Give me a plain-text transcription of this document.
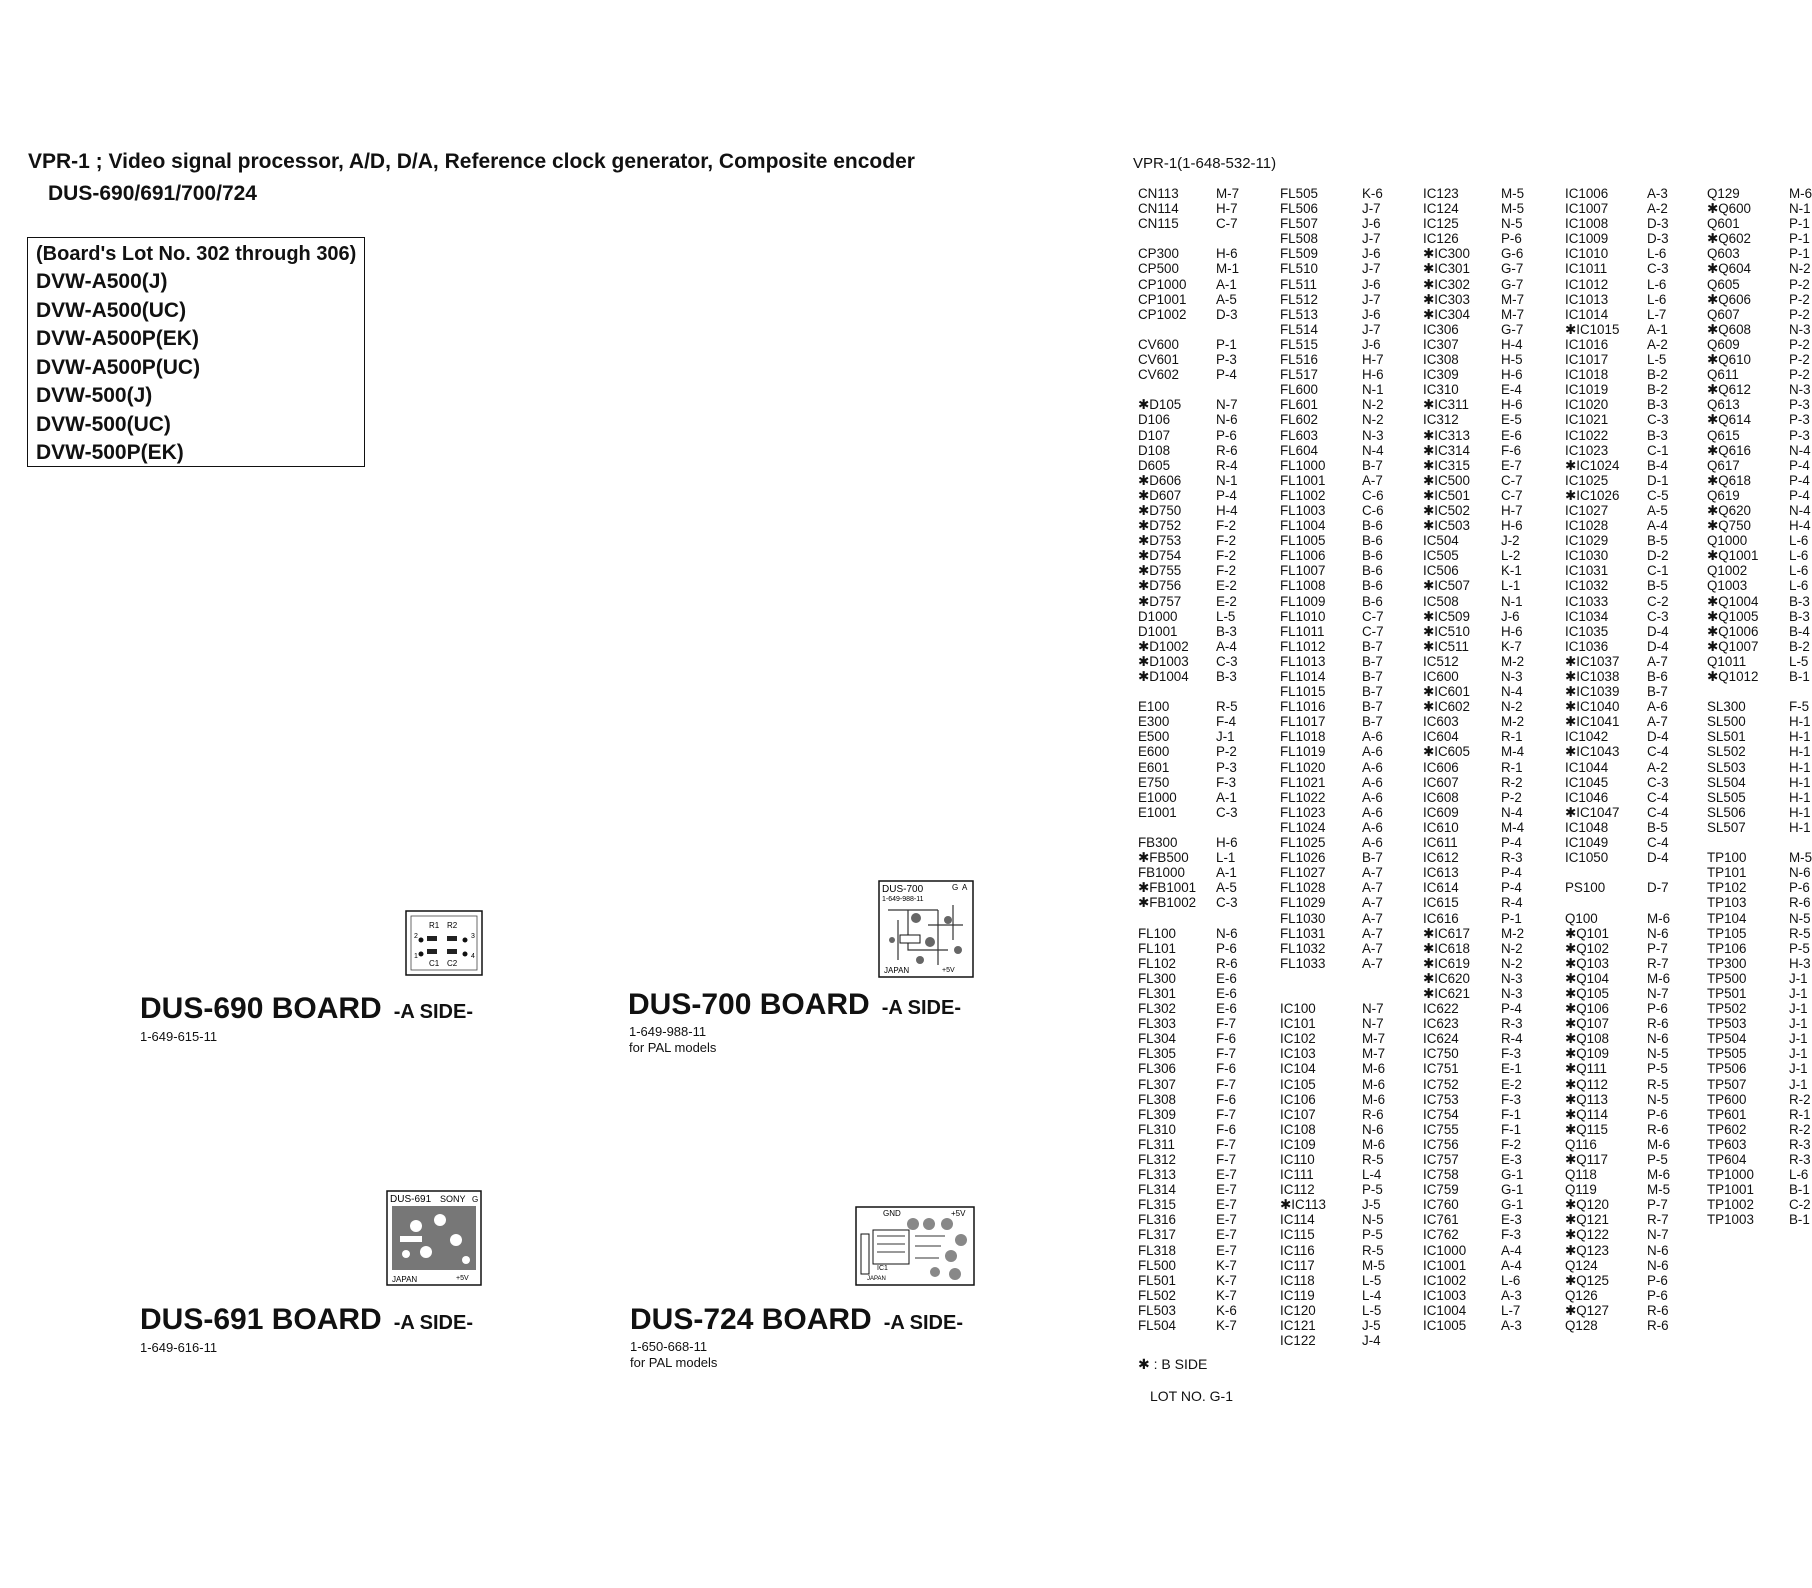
VPR-1 ; Video signal processor, A/D, D/A, Reference clock generator, Composite encoder
DUS-690/691/700/724
(Board's Lot No. 302 through 306)
DVW-A500(J)
DVW-A500(UC)
DVW-A500P(EK)
DVW-A500P(UC)
DVW-500(J)
DVW-500(UC)
DVW-500P(EK)
R1 R2
C1 C2
1
2	3
4
DUS-690 BOARD -A SIDE-
1-649-615-11
DUS-700
1-649-988-11
G A
JAPAN	+5V
DUS-700 BOARD -A SIDE-
1-649-988-11
for PAL models
DUS-691 SONY G
JAPAN	+5V
DUS-691 BOARD -A SIDE-
1-649-616-11
GND	+5V
JAPAN
IC1
DUS-724 BOARD -A SIDE-
1-650-668-11
for PAL models
VPR-1(1-648-532-11)
CN113	M-7
CN114	H-7
CN115	C-7
CP300	H-6
CP500	M-1
CP1000 A-1
CP1001 A-5
CP1002 D-3
CV600	P-1
CV601	P-3
CV602	P-4
✱D105	N-7
D106	N-6
D107	P-6
D108	R-6
D605	R-4
✱D606	N-1
✱D607	P-4
✱D750	H-4
✱D752	F-2
✱D753	F-2
✱D754	F-2
✱D755	F-2
✱D756	E-2
✱D757	E-2
D1000	L-5
D1001	B-3
✱D1002 A-4
✱D1003 C-3
✱D1004 B-3
E100	R-5
E300	F-4
E500	J-1
E600	P-2
E601	P-3
E750	F-3
E1000	A-1
E1001	C-3
FB300	H-6
✱FB500 L-1
FB1000 A-1
✱FB1001 A-5
✱FB1002 C-3
FL100	N-6
FL101	P-6
FL102	R-6
FL300	E-6
FL301	E-6
FL302	E-6
FL303	F-7
FL304	F-6
FL305	F-7
FL306	F-6
FL307	F-7
FL308	F-6
FL309	F-7
FL310	F-6
FL311	F-7
FL312	F-7
FL313	E-7
FL314	E-7
FL315	E-7
FL316	E-7
FL317	E-7
FL318	E-7
FL500	K-7
FL501	K-7
FL502	K-7
FL503	K-6
FL504	K-7
FL505	K-6
FL506	J-7
FL507	J-6
FL508	J-7
FL509	J-6
FL510	J-7
FL511	J-6
FL512	J-7
FL513	J-6
FL514	J-7
FL515	J-6
FL516	H-7
FL517	H-6
FL600	N-1
FL601	N-2
FL602	N-2
FL603	N-3
FL604	N-4
FL1000	B-7
FL1001	A-7
FL1002	C-6
FL1003	C-6
FL1004	B-6
FL1005	B-6
FL1006	B-6
FL1007	B-6
FL1008	B-6
FL1009	B-6
FL1010	C-7
FL1011	C-7
FL1012	B-7
FL1013	B-7
FL1014	B-7
FL1015	B-7
FL1016	B-7
FL1017	B-7
FL1018	A-6
FL1019	A-6
FL1020	A-6
FL1021	A-6
FL1022	A-6
FL1023	A-6
FL1024	A-6
FL1025	A-6
FL1026	B-7
FL1027	A-7
FL1028	A-7
FL1029	A-7
FL1030	A-7
FL1031	A-7
FL1032	A-7
FL1033	A-7
IC100	N-7
IC101	N-7
IC102	M-7
IC103	M-7
IC104	M-6
IC105	M-6
IC106	M-6
IC107	R-6
IC108	N-6
IC109	M-6
IC110	R-5
IC111	L-4
IC112	P-5
✱IC113	J-5
IC114	N-5
IC115	P-5
IC116	R-5
IC117	M-5
IC118	L-5
IC119	L-4
IC120	L-5
IC121	J-5
IC122	J-4
IC123	M-5
IC124	M-5
IC125	N-5
IC126	P-6
✱IC300 G-6
✱IC301 G-7
✱IC302 G-7
✱IC303 M-7
✱IC304 M-7
IC306	G-7
IC307	H-4
IC308	H-5
IC309	H-6
IC310	E-4
✱IC311 H-6
IC312	E-5
✱IC313 E-6
✱IC314 F-6
✱IC315 E-7
✱IC500 C-7
✱IC501 C-7
✱IC502 H-7
✱IC503 H-6
IC504	J-2
IC505	L-2
IC506	K-1
✱IC507 L-1
IC508	N-1
✱IC509 J-6
✱IC510 H-6
✱IC511 K-7
IC512	M-2
IC600	N-3
✱IC601 N-4
✱IC602 N-2
IC603	M-2
IC604	R-1
✱IC605 M-4
IC606	R-1
IC607	R-2
IC608	P-2
IC609	N-4
IC610	M-4
IC611	P-4
IC612	R-3
IC613	P-4
IC614	P-4
IC615	R-4
IC616	P-1
✱IC617 M-2
✱IC618 N-2
✱IC619 N-2
✱IC620 N-3
✱IC621 N-3
IC622	P-4
IC623	R-3
IC624	R-4
IC750	F-3
IC751	E-1
IC752	E-2
IC753	F-3
IC754	F-1
IC755	F-1
IC756	F-2
IC757	E-3
IC758	G-1
IC759	G-1
IC760	G-1
IC761	E-3
IC762	F-3
IC1000	A-4
IC1001	A-4
IC1002	L-6
IC1003	A-3
IC1004	L-7
IC1005	A-3
IC1006	A-3
IC1007	A-2
IC1008	D-3
IC1009	D-3
IC1010	L-6
IC1011	C-3
IC1012	L-6
IC1013	L-6
IC1014	L-7
✱IC1015 A-1
IC1016	A-2
IC1017	L-5
IC1018	B-2
IC1019	B-2
IC1020	B-3
IC1021	C-3
IC1022	B-3
IC1023	C-1
✱IC1024 B-4
IC1025	D-1
✱IC1026 C-5
IC1027	A-5
IC1028	A-4
IC1029	B-5
IC1030	D-2
IC1031	C-1
IC1032	B-5
IC1033	C-2
IC1034	C-3
IC1035	D-4
IC1036	D-4
✱IC1037 A-7
✱IC1038 B-6
✱IC1039 B-7
✱IC1040 A-6
✱IC1041 A-7
IC1042	D-4
✱IC1043 C-4
IC1044	A-2
IC1045	C-3
IC1046	C-4
✱IC1047 C-4
IC1048	B-5
IC1049	C-4
IC1050	D-4
PS100	D-7
Q100	M-6
✱Q101	N-6
✱Q102	P-7
✱Q103	R-7
✱Q104	M-6
✱Q105	N-7
✱Q106	P-6
✱Q107	R-6
✱Q108	N-6
✱Q109	N-5
✱Q111	P-5
✱Q112	R-5
✱Q113	N-5
✱Q114	P-6
✱Q115	R-6
Q116	M-6
✱Q117	P-5
Q118	M-6
Q119	M-5
✱Q120	P-7
✱Q121	R-7
✱Q122	N-7
✱Q123	N-6
Q124	N-6
✱Q125	P-6
Q126	P-6
✱Q127	R-6
Q128	R-6
Q129	M-6
✱Q600	N-1
Q601	P-1
✱Q602	P-1
Q603	P-1
✱Q604	N-2
Q605	P-2
✱Q606	P-2
Q607	P-2
✱Q608	N-3
Q609	P-2
✱Q610	P-2
Q611	P-2
✱Q612	N-3
Q613	P-3
✱Q614	P-3
Q615	P-3
✱Q616	N-4
Q617	P-4
✱Q618	P-4
Q619	P-4
✱Q620	N-4
✱Q750	H-4
Q1000	L-6
✱Q1001 L-6
Q1002	L-6
Q1003	L-6
✱Q1004 B-3
✱Q1005 B-3
✱Q1006 B-4
✱Q1007 B-2
Q1011	L-5
✱Q1012 B-1
SL300	F-5
SL500	H-1
SL501	H-1
SL502	H-1
SL503	H-1
SL504	H-1
SL505	H-1
SL506	H-1
SL507	H-1
TP100	M-5
TP101	N-6
TP102	P-6
TP103	R-6
TP104	N-5
TP105	R-5
TP106	P-5
TP300	H-3
TP500	J-1
TP501	J-1
TP502	J-1
TP503	J-1
TP504	J-1
TP505	J-1
TP506	J-1
TP507	J-1
TP600	R-2
TP601	R-1
TP602	R-2
TP603	R-3
TP604	R-3
TP1000	L-6
TP1001	B-1
TP1002	C-2
TP1003	B-1
✱ : B SIDE
LOT NO. G-1
